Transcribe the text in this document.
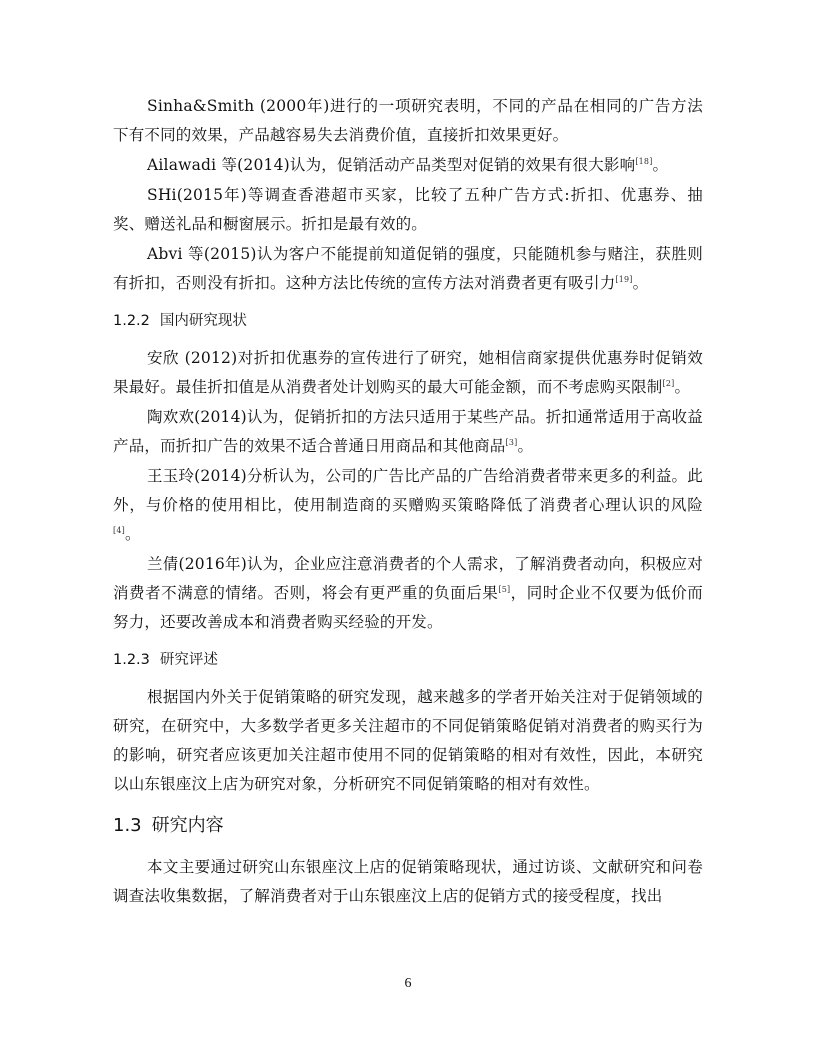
Sinha&Smith (2000年)进行的一项研究表明，不同的产品在相同的广告方法下有不同的效果，产品越容易失去消费价值，直接折扣效果更好。

Ailawadi 等(2014)认为，促销活动产品类型对促销的效果有很大影响[18]。

SHi(2015年)等调查香港超市买家，比较了五种广告方式:折扣、优惠券、抽奖、赠送礼品和橱窗展示。折扣是最有效的。

Abvi 等(2015)认为客户不能提前知道促销的强度，只能随机参与赌注，获胜则有折扣，否则没有折扣。这种方法比传统的宣传方法对消费者更有吸引力[19]。

1.2.2 国内研究现状

安欣 (2012)对折扣优惠券的宣传进行了研究，她相信商家提供优惠券时促销效果最好。最佳折扣值是从消费者处计划购买的最大可能金额，而不考虑购买限制[2]。

陶欢欢(2014)认为，促销折扣的方法只适用于某些产品。折扣通常适用于高收益产品，而折扣广告的效果不适合普通日用商品和其他商品[3]。

王玉玲(2014)分析认为，公司的广告比产品的广告给消费者带来更多的利益。此外，与价格的使用相比，使用制造商的买赠购买策略降低了消费者心理认识的风险[4]。

兰倩(2016年)认为，企业应注意消费者的个人需求，了解消费者动向，积极应对消费者不满意的情绪。否则，将会有更严重的负面后果[5]，同时企业不仅要为低价而努力，还要改善成本和消费者购买经验的开发。

1.2.3 研究评述

根据国内外关于促销策略的研究发现，越来越多的学者开始关注对于促销领域的研究，在研究中，大多数学者更多关注超市的不同促销策略促销对消费者的购买行为的影响，研究者应该更加关注超市使用不同的促销策略的相对有效性，因此，本研究以山东银座汶上店为研究对象，分析研究不同促销策略的相对有效性。

1.3 研究内容

本文主要通过研究山东银座汶上店的促销策略现状，通过访谈、文献研究和问卷调查法收集数据，了解消费者对于山东银座汶上店的促销方式的接受程度，找出

6
